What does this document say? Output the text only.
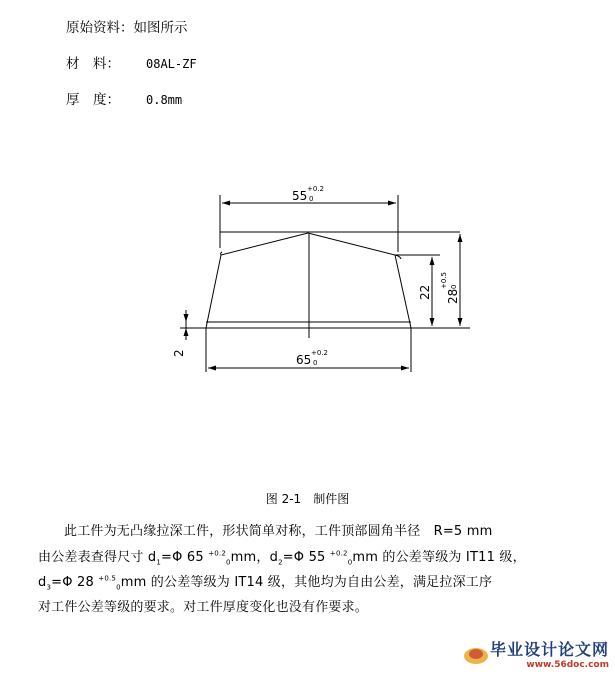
原始资料：如图所示
材　料： 08AL-ZF
厚　度： 0.8mm
55 +0.2
0
65 +0.2
0
22 28
+0.5 0
2
图 2-1　制件图
此工件为无凸缘拉深工件，形状简单对称，工件顶部圆角半径　R=5 mm
由公差表查得尺寸 $d_1=\Phi$ 65 $^{+0.2}_0$mm，$d_2=\Phi$ 55 $^{+0.2}_0$mm 的公差等级为 IT11 级，
$d_3=\Phi$ 28 $^{+0.5}_0$mm 的公差等级为 IT14 级，其他均为自由公差，满足拉深工序
对工件公差等级的要求。对工件厚度变化也没有作要求。
毕业设计论文网
www.56doc.com
